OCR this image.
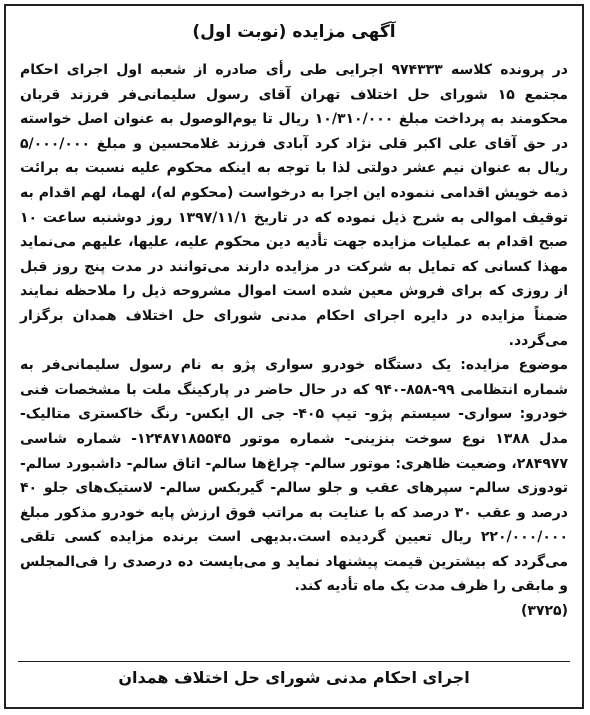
آگهی مزایده (نوبت اول)

در پرونده کلاسه ۹۷۴۳۳۳ اجرایی طی رأی صادره از شعبه اول اجرای احکام مجتمع ۱۵ شورای حل اختلاف تهران آقای رسول سلیمانی‌فر فرزند قربان محکومند به پرداخت مبلغ ۱۰/۳۱۰/۰۰۰ ریال تا یوم‌الوصول به عنوان اصل خواسته در حق آقای علی اکبر قلی نژاد کرد آبادی فرزند غلامحسین و مبلغ ۵/۰۰۰/۰۰۰ ریال به عنوان نیم عشر دولتی لذا با توجه به اینکه محکوم علیه نسبت به برائت ذمه خویش اقدامی ننموده این اجرا به درخواست (محکوم له)، لهما، لهم اقدام به توقیف اموالی به شرح ذیل نموده که در تاریخ ۱۳۹۷/۱۱/۱ روز دوشنبه ساعت ۱۰ صبح اقدام به عملیات مزایده جهت تأدیه دین محکوم علیه، علیها، علیهم می‌نماید مهذا کسانی که تمایل به شرکت در مزایده دارند می‌توانند در مدت پنج روز قبل از روزی که برای فروش معین شده است اموال مشروحه ذیل را ملاحظه نمایند ضمناً مزایده در دایره اجرای احکام مدنی شورای حل اختلاف همدان برگزار می‌گردد.

موضوع مزایده: یک دستگاه خودرو سواری پژو به نام رسول سلیمانی‌فر به شماره انتظامی ۹۹-۸۵۸-۹۴۰ که در حال حاضر در پارکینگ ملت با مشخصات فنی خودرو: سواری- سیستم پژو- تیپ ۴۰۵- جی ال ایکس- رنگ خاکستری متالیک- مدل ۱۳۸۸ نوع سوخت بنزینی- شماره موتور ۱۲۴۸۷۱۸۵۵۴۵- شماره شاسی ۲۸۴۹۷۷، وضعیت ظاهری: موتور سالم- چراغ‌ها سالم- اتاق سالم- داشبورد سالم- تودوزی سالم- سپرهای عقب و جلو سالم- گیربکس سالم- لاستیک‌های جلو ۴۰ درصد و عقب ۳۰ درصد که با عنایت به مراتب فوق ارزش پایه خودرو مذکور مبلغ ۲۲۰/۰۰۰/۰۰۰ ریال تعیین گردیده است.بدیهی است برنده مزایده کسی تلقی می‌گردد که بیشترین قیمت پیشنهاد نماید و می‌بایست ده درصدی را فی‌المجلس و مابقی را ظرف مدت یک ماه تأدیه کند.

(۳۷۲۵)
اجرای احکام مدنی شورای حل اختلاف همدان
